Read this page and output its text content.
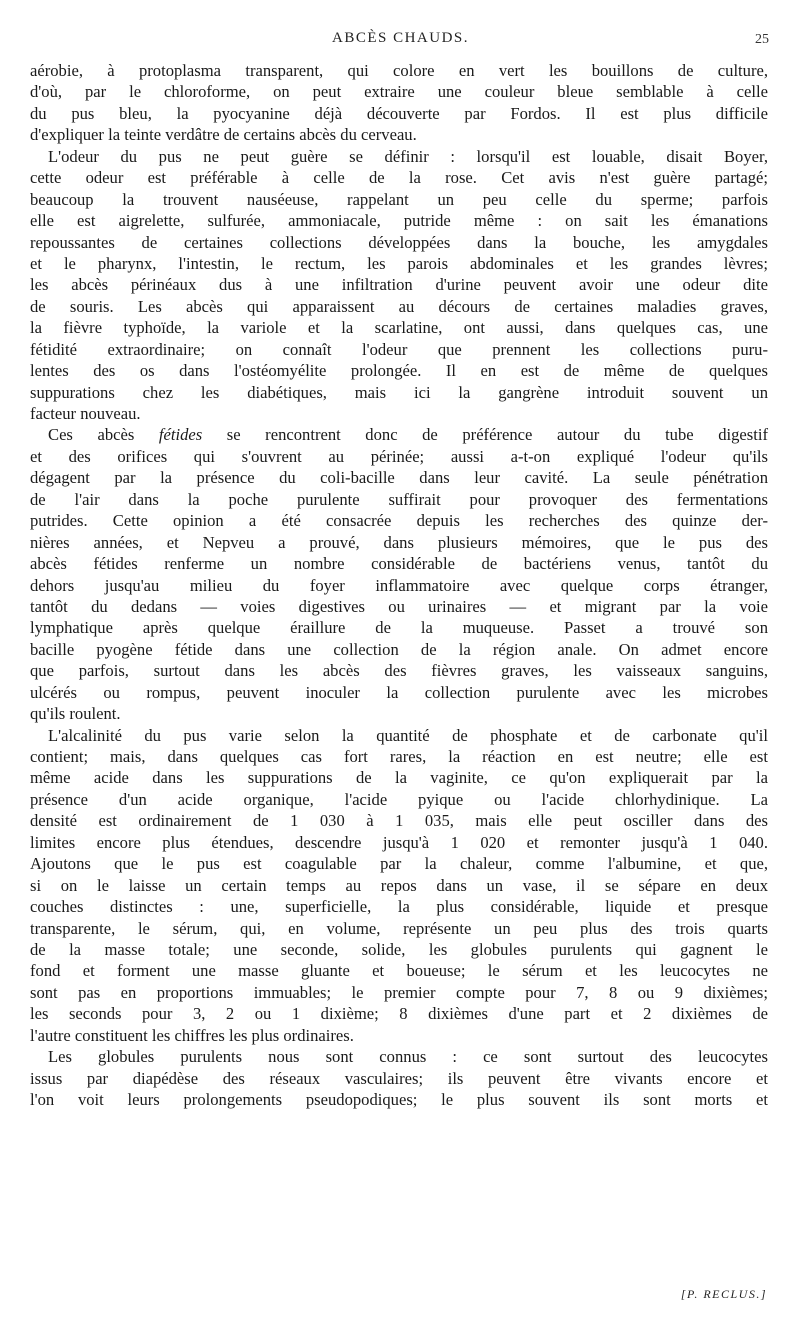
ABCÈS CHAUDS.	25
aérobie, à protoplasma transparent, qui colore en vert les bouillons de culture,
d'où, par le chloroforme, on peut extraire une couleur bleue semblable à celle
du pus bleu, la pyocyanine déjà découverte par Fordos. Il est plus difficile
d'expliquer la teinte verdâtre de certains abcès du cerveau.
L'odeur du pus ne peut guère se définir : lorsqu'il est louable, disait Boyer,
cette odeur est préférable à celle de la rose. Cet avis n'est guère partagé;
beaucoup la trouvent nauséeuse, rappelant un peu celle du sperme; parfois
elle est aigrelette, sulfurée, ammoniacale, putride même : on sait les émanations
repoussantes de certaines collections développées dans la bouche, les amygdales
et le pharynx, l'intestin, le rectum, les parois abdominales et les grandes lèvres;
les abcès périnéaux dus à une infiltration d'urine peuvent avoir une odeur dite
de souris. Les abcès qui apparaissent au décours de certaines maladies graves,
la fièvre typhoïde, la variole et la scarlatine, ont aussi, dans quelques cas, une
fétidité extraordinaire; on connaît l'odeur que prennent les collections puru-
lentes des os dans l'ostéomyélite prolongée. Il en est de même de quelques
suppurations chez les diabétiques, mais ici la gangrène introduit souvent un
facteur nouveau.
Ces abcès fétides se rencontrent donc de préférence autour du tube digestif
et des orifices qui s'ouvrent au périnée; aussi a-t-on expliqué l'odeur qu'ils
dégagent par la présence du coli-bacille dans leur cavité. La seule pénétration
de l'air dans la poche purulente suffirait pour provoquer des fermentations
putrides. Cette opinion a été consacrée depuis les recherches des quinze der-
nières années, et Nepveu a prouvé, dans plusieurs mémoires, que le pus des
abcès fétides renferme un nombre considérable de bactériens venus, tantôt du
dehors jusqu'au milieu du foyer inflammatoire avec quelque corps étranger,
tantôt du dedans — voies digestives ou urinaires — et migrant par la voie
lymphatique après quelque éraillure de la muqueuse. Passet a trouvé son
bacille pyogène fétide dans une collection de la région anale. On admet encore
que parfois, surtout dans les abcès des fièvres graves, les vaisseaux sanguins,
ulcérés ou rompus, peuvent inoculer la collection purulente avec les microbes
qu'ils roulent.
L'alcalinité du pus varie selon la quantité de phosphate et de carbonate qu'il
contient; mais, dans quelques cas fort rares, la réaction en est neutre; elle est
même acide dans les suppurations de la vaginite, ce qu'on expliquerait par la
présence d'un acide organique, l'acide pyique ou l'acide chlorhydinique. La
densité est ordinairement de 1 030 à 1 035, mais elle peut osciller dans des
limites encore plus étendues, descendre jusqu'à 1 020 et remonter jusqu'à 1 040.
Ajoutons que le pus est coagulable par la chaleur, comme l'albumine, et que,
si on le laisse un certain temps au repos dans un vase, il se sépare en deux
couches distinctes : une, superficielle, la plus considérable, liquide et presque
transparente, le sérum, qui, en volume, représente un peu plus des trois quarts
de la masse totale; une seconde, solide, les globules purulents qui gagnent le
fond et forment une masse gluante et boueuse; le sérum et les leucocytes ne
sont pas en proportions immuables; le premier compte pour 7, 8 ou 9 dixièmes;
les seconds pour 3, 2 ou 1 dixième; 8 dixièmes d'une part et 2 dixièmes de
l'autre constituent les chiffres les plus ordinaires.
Les globules purulents nous sont connus : ce sont surtout des leucocytes
issus par diapédèse des réseaux vasculaires; ils peuvent être vivants encore et
l'on voit leurs prolongements pseudopodiques; le plus souvent ils sont morts et
[P. RECLUS.]
